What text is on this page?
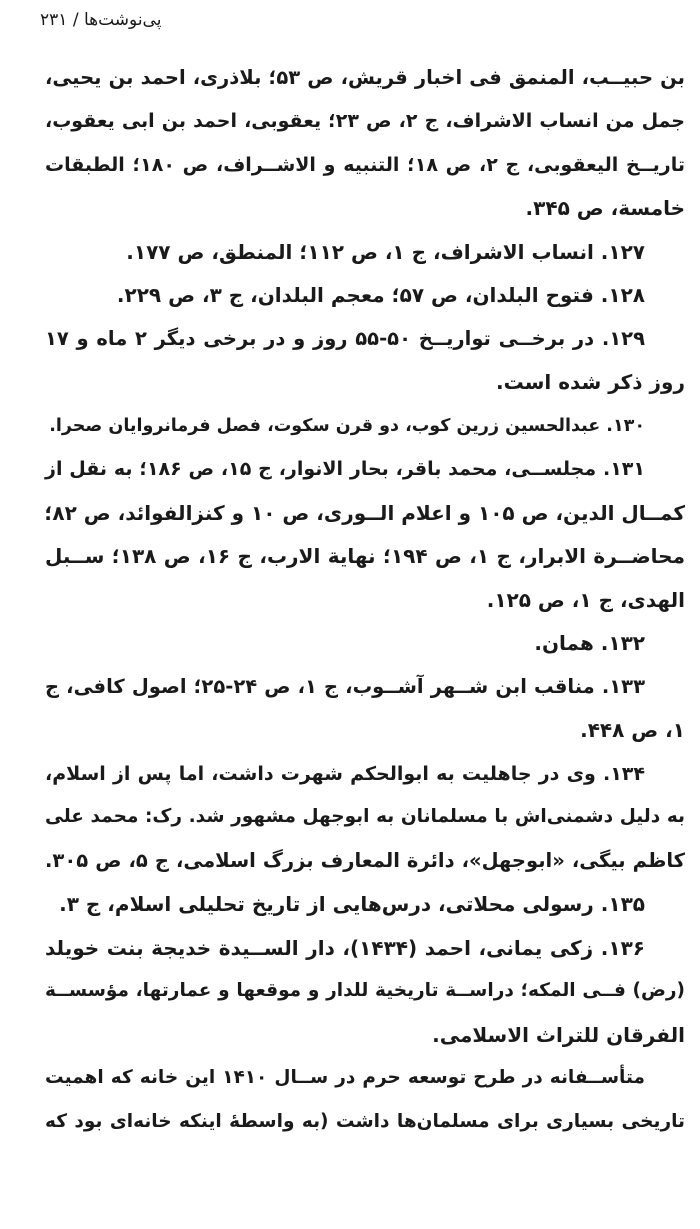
پی‌نوشت‌ها / ۲۳۱
بن حبیــب، المنمق فی اخبار قریش، ص ۵۳؛ بلاذری، احمد بن یحیی،
جمل من انساب الاشراف، ج ۲، ص ۲۳؛ یعقوبی، احمد بن ابی یعقوب،
تاریــخ الیعقوبی، ج ۲، ص ۱۸؛ التنبیه و الاشــراف، ص ۱۸۰؛ الطبقات
خامسة، ص ۳۴۵.
۱۲۷. انساب الاشراف، ج ۱، ص ۱۱۲؛ المنطق، ص ۱۷۷.
۱۲۸. فتوح البلدان، ص ۵۷؛ معجم البلدان، ج ۳، ص ۲۲۹.
۱۲۹. در برخــی تواریــخ ۵۰-۵۵ روز و در برخی دیگر ۲ ماه و ۱۷
روز ذکر شده است.
۱۳۰. عبدالحسین زرین کوب، دو قرن سکوت، فصل فرمانروایان صحرا.
۱۳۱. مجلســی، محمد باقر، بحار الانوار، ج ۱۵، ص ۱۸۶؛ به نقل از
کمــال الدین، ص ۱۰۵ و اعلام الــوری، ص ۱۰ و کنزالفوائد، ص ۸۲؛
محاضــرة الابرار، ج ۱، ص ۱۹۴؛ نهایة الارب، ج ۱۶، ص ۱۳۸؛ ســبل
الهدی، ج ۱، ص ۱۲۵.
۱۳۲. همان.
۱۳۳. مناقب ابن شــهر آشــوب، ج ۱، ص ۲۴-۲۵؛ اصول کافی، ج
۱، ص ۴۴۸.
۱۳۴. وی در جاهلیت به ابوالحکم شهرت داشت، اما پس از اسلام،
به دلیل دشمنی‌اش با مسلمانان به ابوجهل مشهور شد. ر‌ک: محمد علی
کاظم بیگی، «ابوجهل»، دائرة المعارف بزرگ اسلامی، ج ۵، ص ۳۰۵.
۱۳۵. رسولی محلاتی، درس‌هایی از تاریخ تحلیلی اسلام، ج ۳.
۱۳۶. زکی یمانی، احمد (۱۴۳۴)، دار الســیدة خدیجة بنت خویلد
(رض) فــی المکه؛ دراســة تاریخیة للدار و موقعها و عمارتها، مؤسســة
الفرقان للتراث الاسلامی.
متأســفانه در طرح توسعه حرم در ســال ۱۴۱۰ این خانه که اهمیت
تاریخی بسیاری برای مسلمان‌ها داشت (به واسطهٔ اینکه خانه‌ای بود که
